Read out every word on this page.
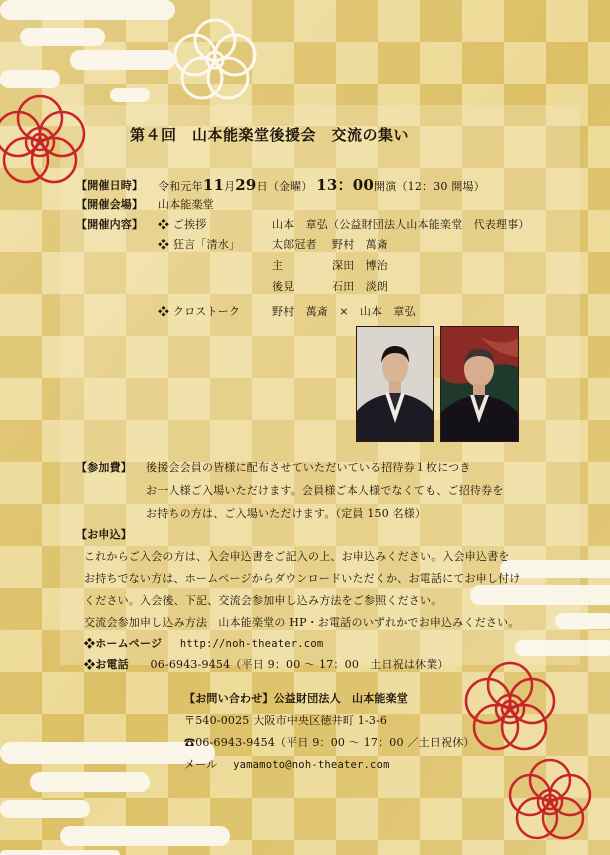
第４回　山本能楽堂後援会　交流の集い
【開催日時】 令和元年11月29日（金曜） 13：00開演（12：30 開場）
【開催会場】 山本能楽堂
【開催内容】 ❖ ご挨拶	山本　章弘（公益財団法人山本能楽堂　代表理事）
❖ 狂言「清水」	太郎冠者 野村　萬斎
主	深田　博治
後見	石田　淡朗
❖ クロストーク	野村　萬斎　×　山本　章弘
【参加費】 後援会会員の皆様に配布させていただいている招待券１枚につき
お一人様ご入場いただけます。会員様ご本人様でなくても、ご招待券を
お持ちの方は、ご入場いただけます。（定員 150 名様）
【お申込】
これからご入会の方は、入会申込書をご記入の上、お申込みください。入会申込書を
お持ちでない方は、ホームページからダウンロードいただくか、お電話にてお申し付け
ください。入会後、下記、交流会参加申し込み方法をご参照ください。
交流会参加申し込み方法　山本能楽堂の HP・お電話のいずれかでお申込みください。
❖ホームページ http://noh-theater.com
❖お電話 06-6943-9454（平日 9：00 〜 17：00　土日祝は休業）
【お問い合わせ】公益財団法人　山本能楽堂
〒540-0025 大阪市中央区徳井町 1-3-6
☎06-6943-9454（平日 9：00 〜 17：00 ／土日祝休）
メール yamamoto@noh-theater.com
